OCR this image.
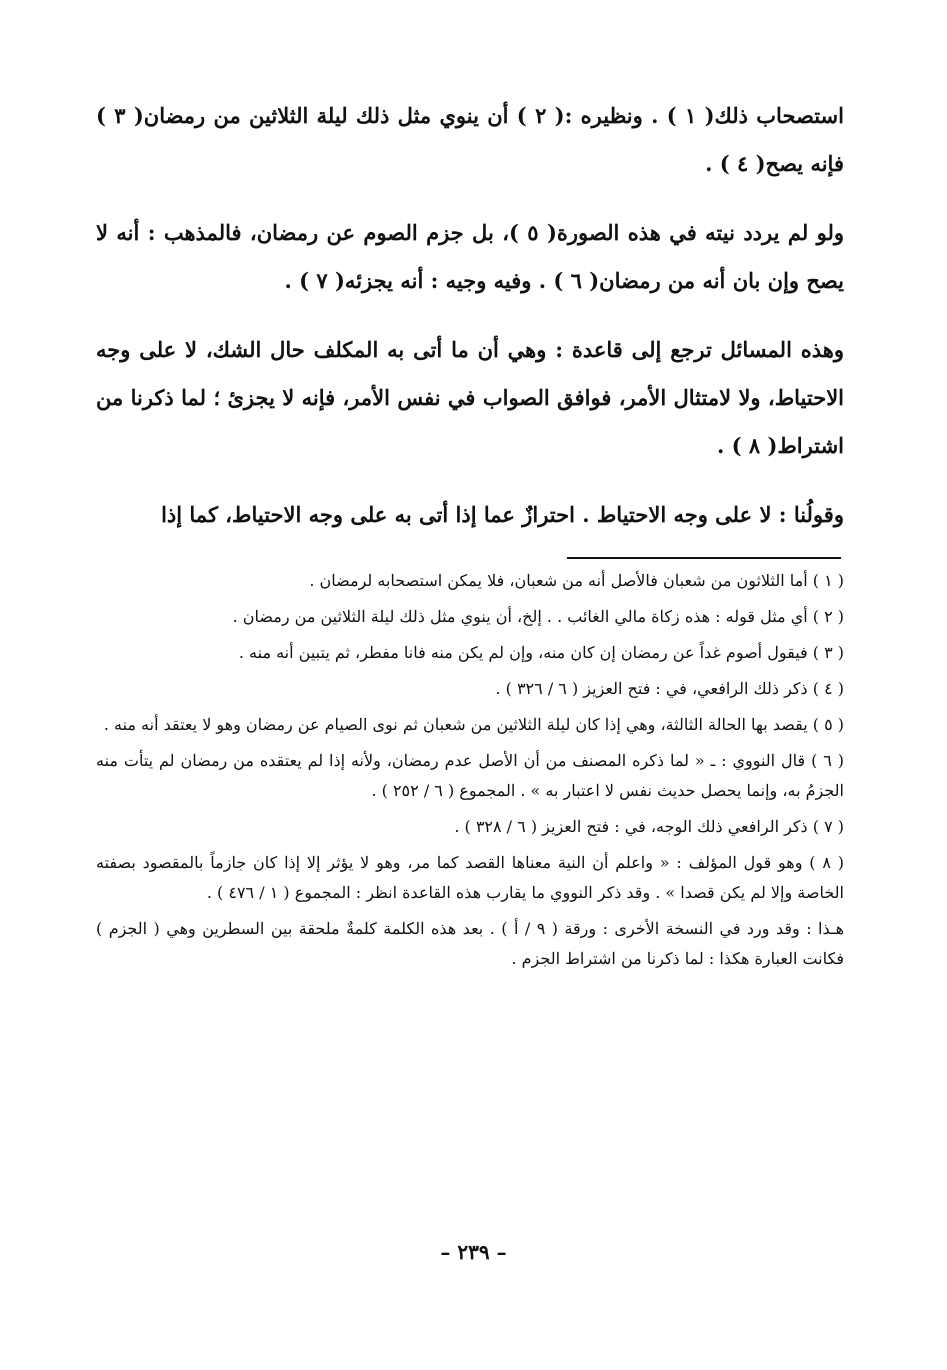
استصحاب ذلك( ١ ) . ونظيره :( ٢ ) أن ينوي مثل ذلك ليلة الثلاثين من رمضان( ٣ ) فإنه يصح( ٤ ) .

ولو لم يردد نيته في هذه الصورة( ٥ )، بل جزم الصوم عن رمضان، فالمذهب : أنه لا يصح وإن بان أنه من رمضان( ٦ ) . وفيه وجيه : أنه يجزئه( ٧ ) .

وهذه المسائل ترجع إلى قاعدة : وهي أن ما أتى به المكلف حال الشك، لا على وجه الاحتياط، ولا لامتثال الأمر، فوافق الصواب في نفس الأمر، فإنه لا يجزئ ؛ لما ذكرنا من اشتراط( ٨ ) .

وقولُنا : لا على وجه الاحتياط . احترازٌ عما إذا أتى به على وجه الاحتياط، كما إذا

( ١ ) أما الثلاثون من شعبان فالأصل أنه من شعبان، فلا يمكن استصحابه لرمضان .

( ٢ ) أي مثل قوله : هذه زكاة مالي الغائب . . إلخ، أن ينوي مثل ذلك ليلة الثلاثين من رمضان .

( ٣ ) فيقول أصوم غداً عن رمضان إن كان منه، وإن لم يكن منه فانا مفطر، ثم يتبين أنه منه .

( ٤ ) ذكر ذلك الرافعي، في : فتح العزيز ( ٦ / ٣٢٦ ) .

( ٥ ) يقصد بها الحالة الثالثة، وهي إذا كان ليلة الثلاثين من شعبان ثم نوى الصيام عن رمضان وهو لا يعتقد أنه منه .

( ٦ ) قال النووي : ـ « لما ذكره المصنف من أن الأصل عدم رمضان، ولأنه إذا لم يعتقده من رمضان لم يتأت منه الجزمُ به، وإنما يحصل حديث نفس لا اعتبار به » . المجموع ( ٦ / ٢٥٢ ) .

( ٧ ) ذكر الرافعي ذلك الوجه، في : فتح العزيز ( ٦ / ٣٢٨ ) .

( ٨ ) وهو قول المؤلف : « واعلم أن النية معناها القصد كما مر، وهو لا يؤثر إلا إذا كان جازماً بالمقصود بصفته الخاصة وإلا لم يكن قصدا » . وقد ذكر النووي ما يقارب هذه القاعدة انظر : المجموع ( ١ / ٤٧٦ ) .

هـذا : وقد ورد في النسخة الأخرى : ورقة ( ٩ / أ ) . بعد هذه الكلمة كلمةٌ ملحقة بين السطرين وهي ( الجزم ) فكانت العبارة هكذا : لما ذكرنا من اشتراط الجزم .

– ٢٣٩ –
